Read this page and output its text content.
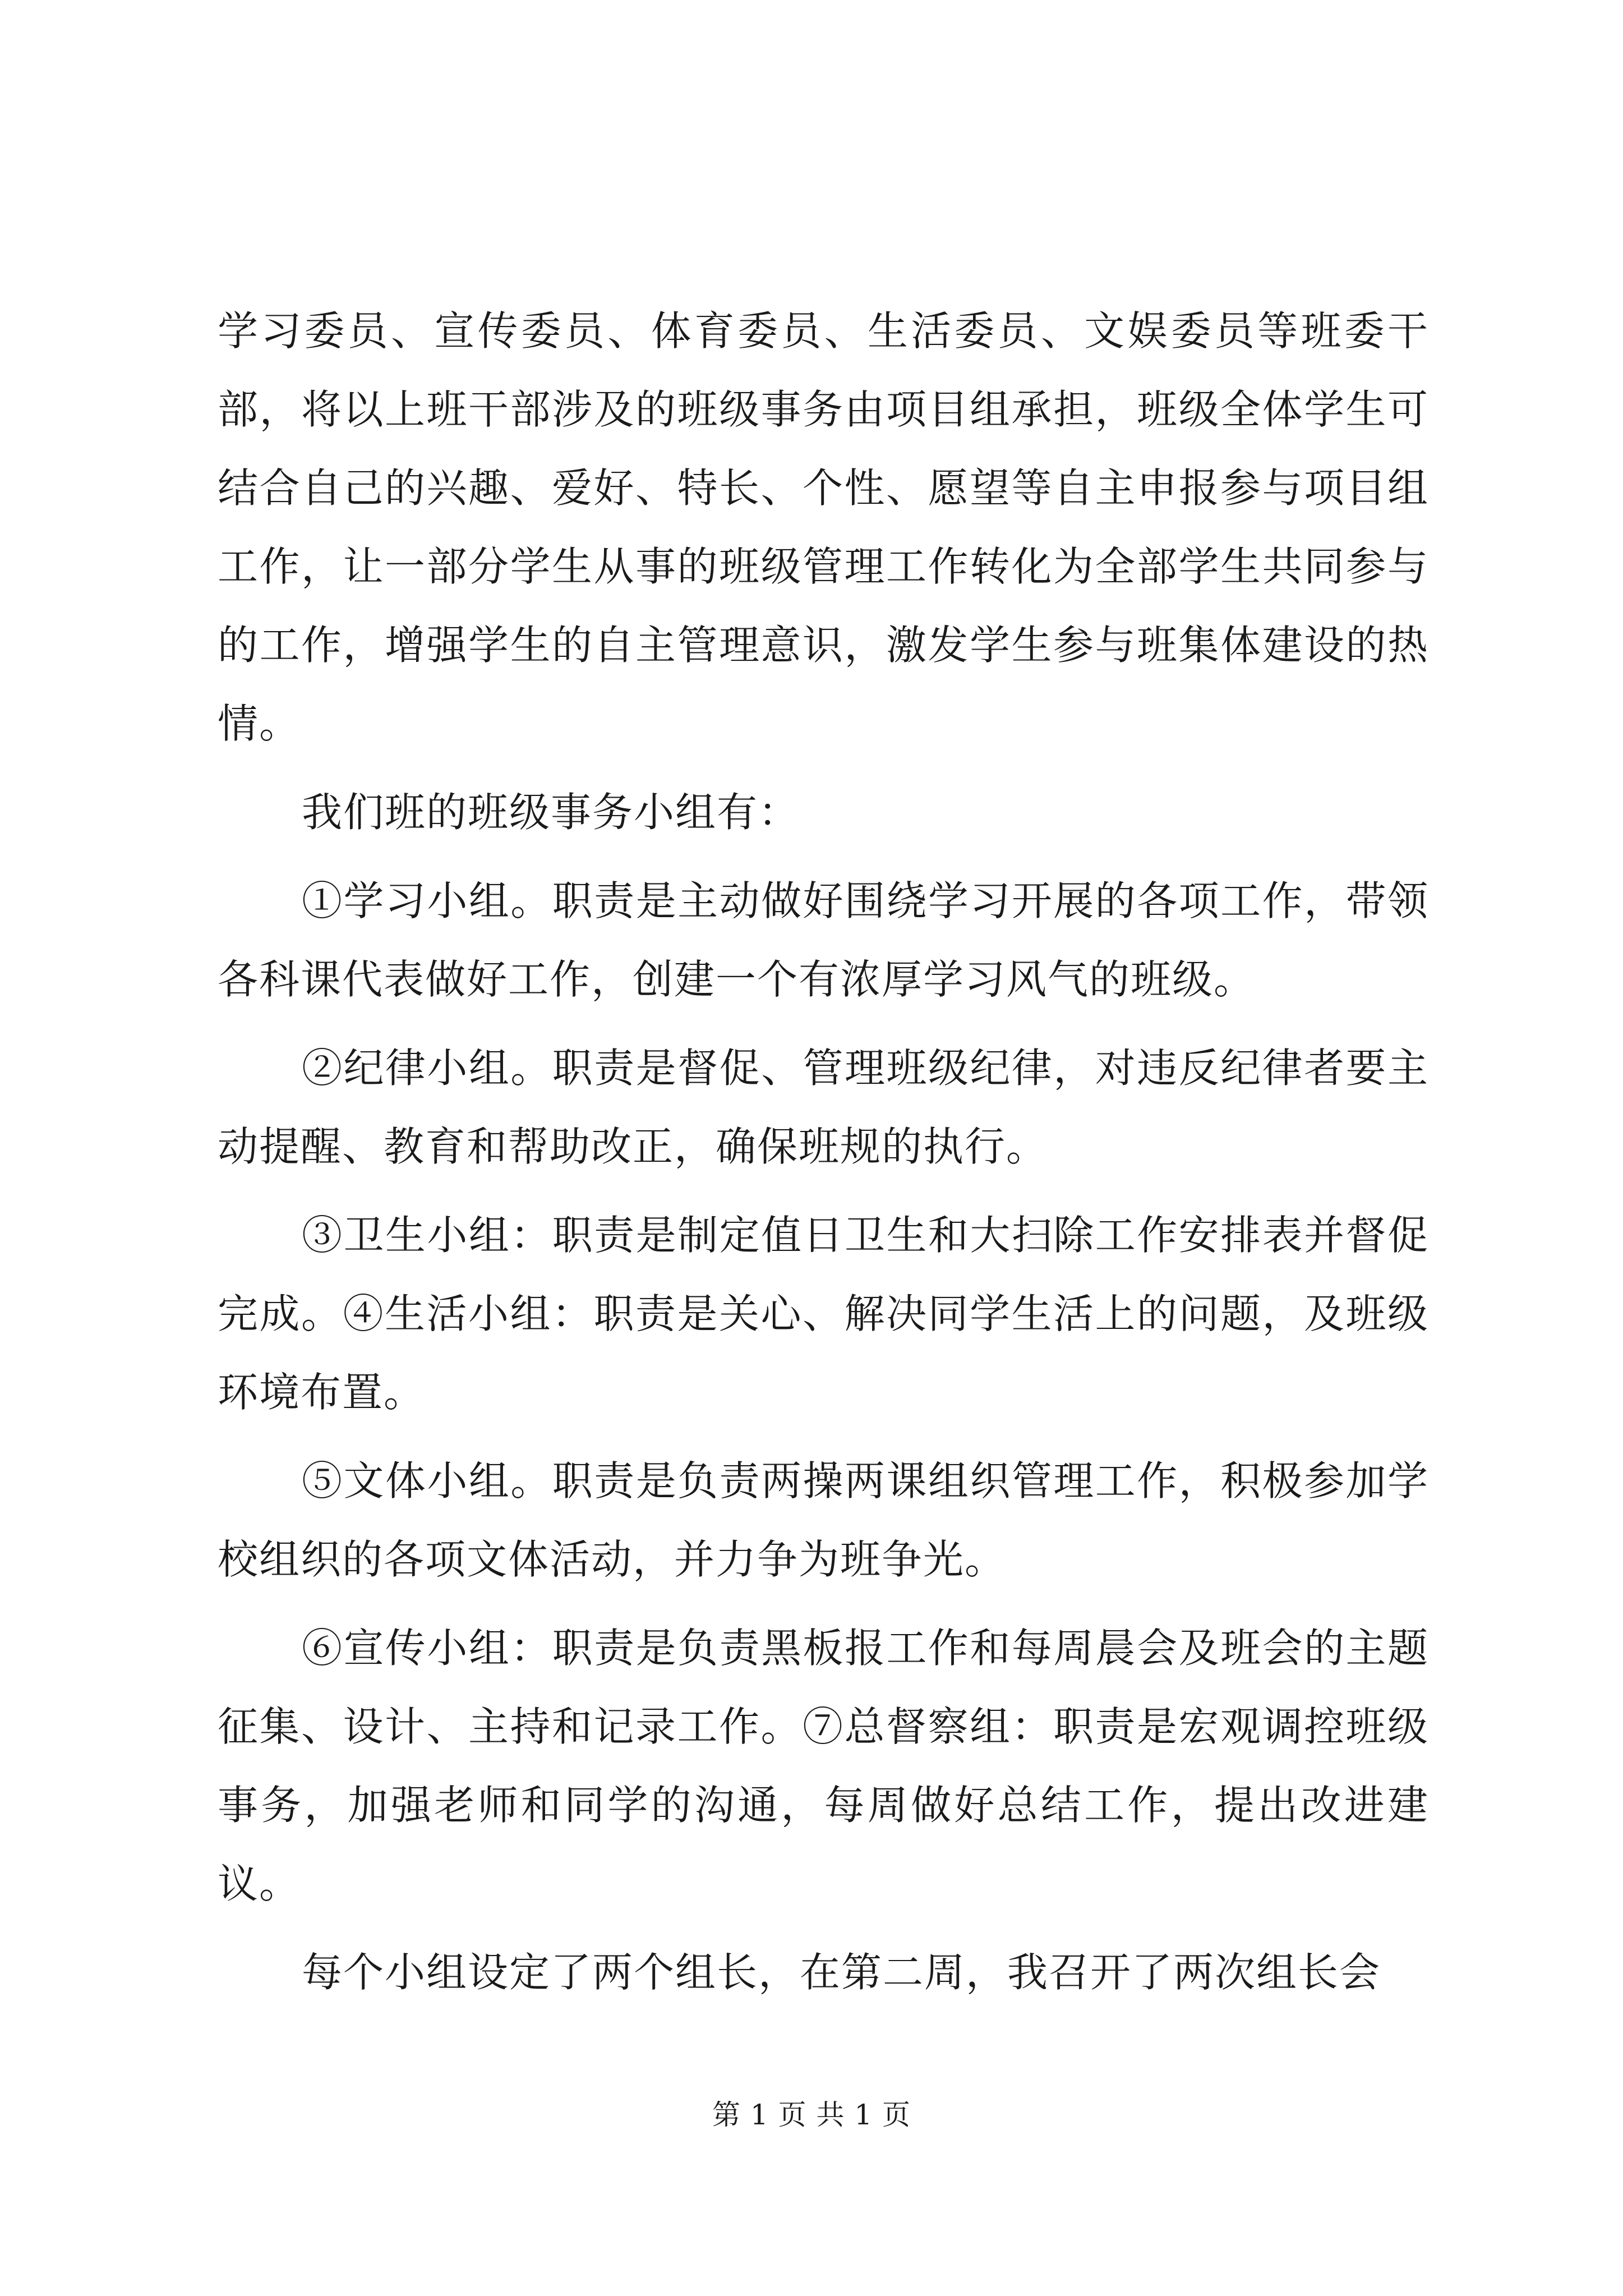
学习委员、宣传委员、体育委员、生活委员、文娱委员等班委干部，将以上班干部涉及的班级事务由项目组承担，班级全体学生可结合自己的兴趣、爱好、特长、个性、愿望等自主申报参与项目组工作，让一部分学生从事的班级管理工作转化为全部学生共同参与的工作，增强学生的自主管理意识，激发学生参与班集体建设的热情。

我们班的班级事务小组有：

①学习小组。职责是主动做好围绕学习开展的各项工作，带领各科课代表做好工作，创建一个有浓厚学习风气的班级。

②纪律小组。职责是督促、管理班级纪律，对违反纪律者要主动提醒、教育和帮助改正，确保班规的执行。

③卫生小组：职责是制定值日卫生和大扫除工作安排表并督促完成。④生活小组：职责是关心、解决同学生活上的问题，及班级环境布置。

⑤文体小组。职责是负责两操两课组织管理工作，积极参加学校组织的各项文体活动，并力争为班争光。

⑥宣传小组：职责是负责黑板报工作和每周晨会及班会的主题征集、设计、主持和记录工作。⑦总督察组：职责是宏观调控班级事务，加强老师和同学的沟通，每周做好总结工作，提出改进建议。

每个小组设定了两个组长，在第二周，我召开了两次组长会

第 1 页 共 1 页
